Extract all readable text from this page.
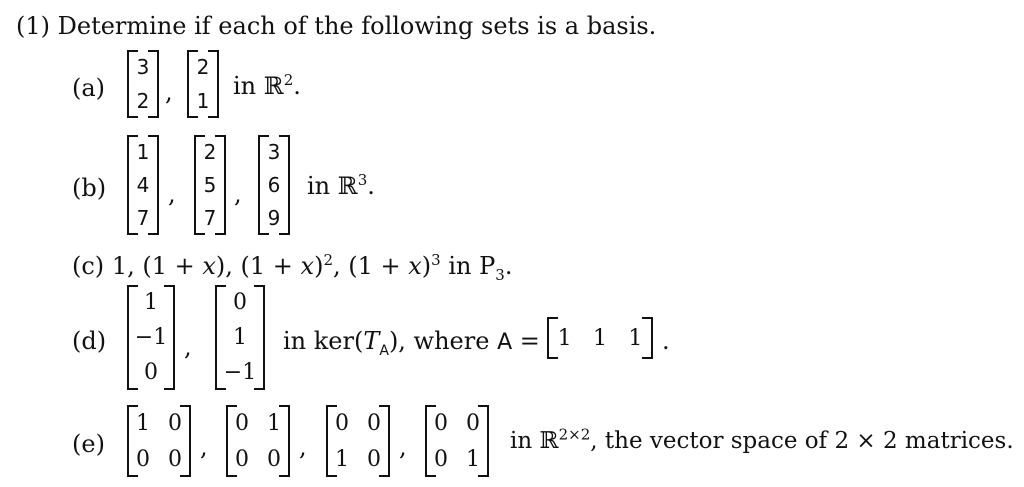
(1) Determine if each of the following sets is a basis.
(a)
3
2 ,
2
1
in ℝ$^2$.
(b)
1
4
7
,
2
5
7
,
3
6
9
in ℝ$^3$.
(c) 1, (1 + x), $(1 + x)^2$, $(1 + x)^3$ in $P_3$.
(d)
1
−1
0
,
0
1
−1
in $ker(T_A)$, where A = 1 1 1 .
(e)
1 0
0 0 ,
0 1
0 0 ,
0 0
1 0 ,
0 0
0 1
in ℝ$^{2\times 2}$, the vector space of 2 × 2 matrices.
